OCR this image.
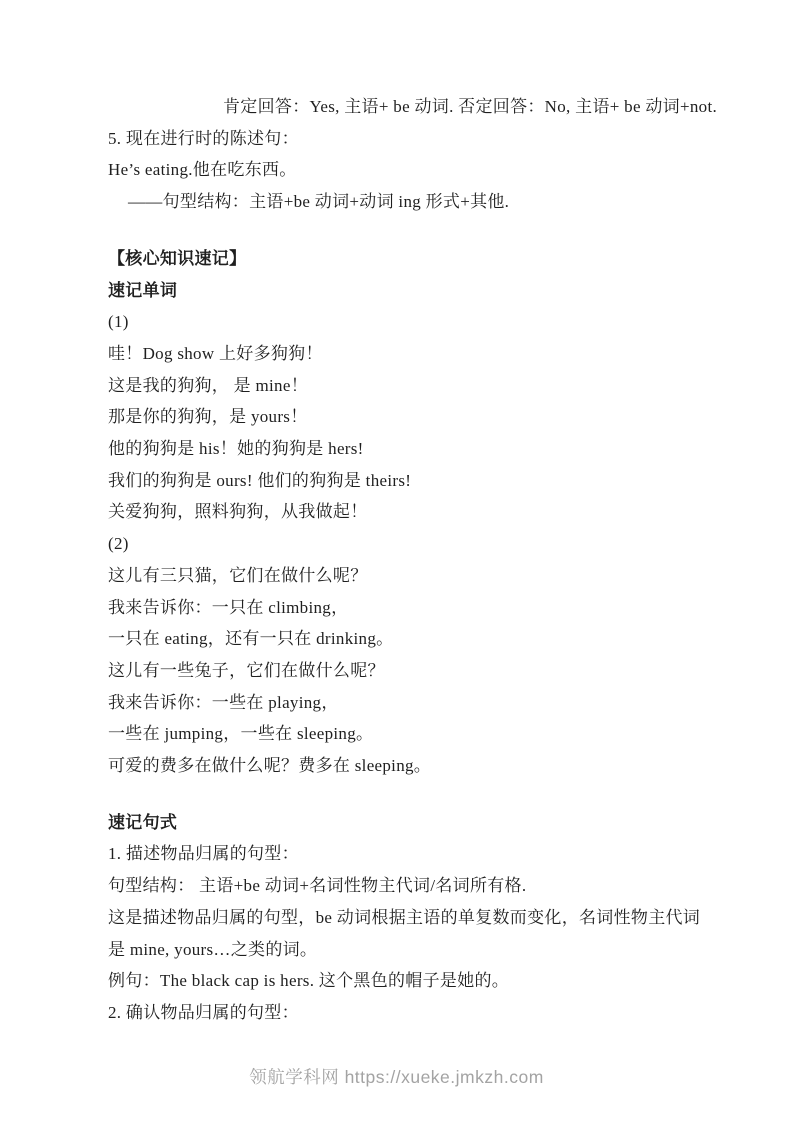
肯定回答：Yes, 主语+ be 动词. 否定回答：No, 主语+ be 动词+not.

5. 现在进行时的陈述句：

He’s eating.他在吃东西。

——句型结构：主语+be 动词+动词 ing 形式+其他.

【核心知识速记】

速记单词

(1)

哇！Dog show 上好多狗狗！

这是我的狗狗， 是 mine！

那是你的狗狗，是 yours！

他的狗狗是 his！她的狗狗是 hers!

我们的狗狗是 ours! 他们的狗狗是 theirs!

关爱狗狗，照料狗狗，从我做起！

(2)

这儿有三只猫，它们在做什么呢？

我来告诉你：一只在 climbing，

一只在 eating，还有一只在 drinking。

这儿有一些兔子，它们在做什么呢？

我来告诉你：一些在 playing，

一些在 jumping，一些在 sleeping。

可爱的费多在做什么呢？费多在 sleeping。

速记句式

1. 描述物品归属的句型：

句型结构： 主语+be 动词+名词性物主代词/名词所有格.

这是描述物品归属的句型，be 动词根据主语的单复数而变化，名词性物主代词

是 mine, yours…之类的词。

例句：The black cap is hers. 这个黑色的帽子是她的。

2. 确认物品归属的句型：

领航学科网 https://xueke.jmkzh.com
